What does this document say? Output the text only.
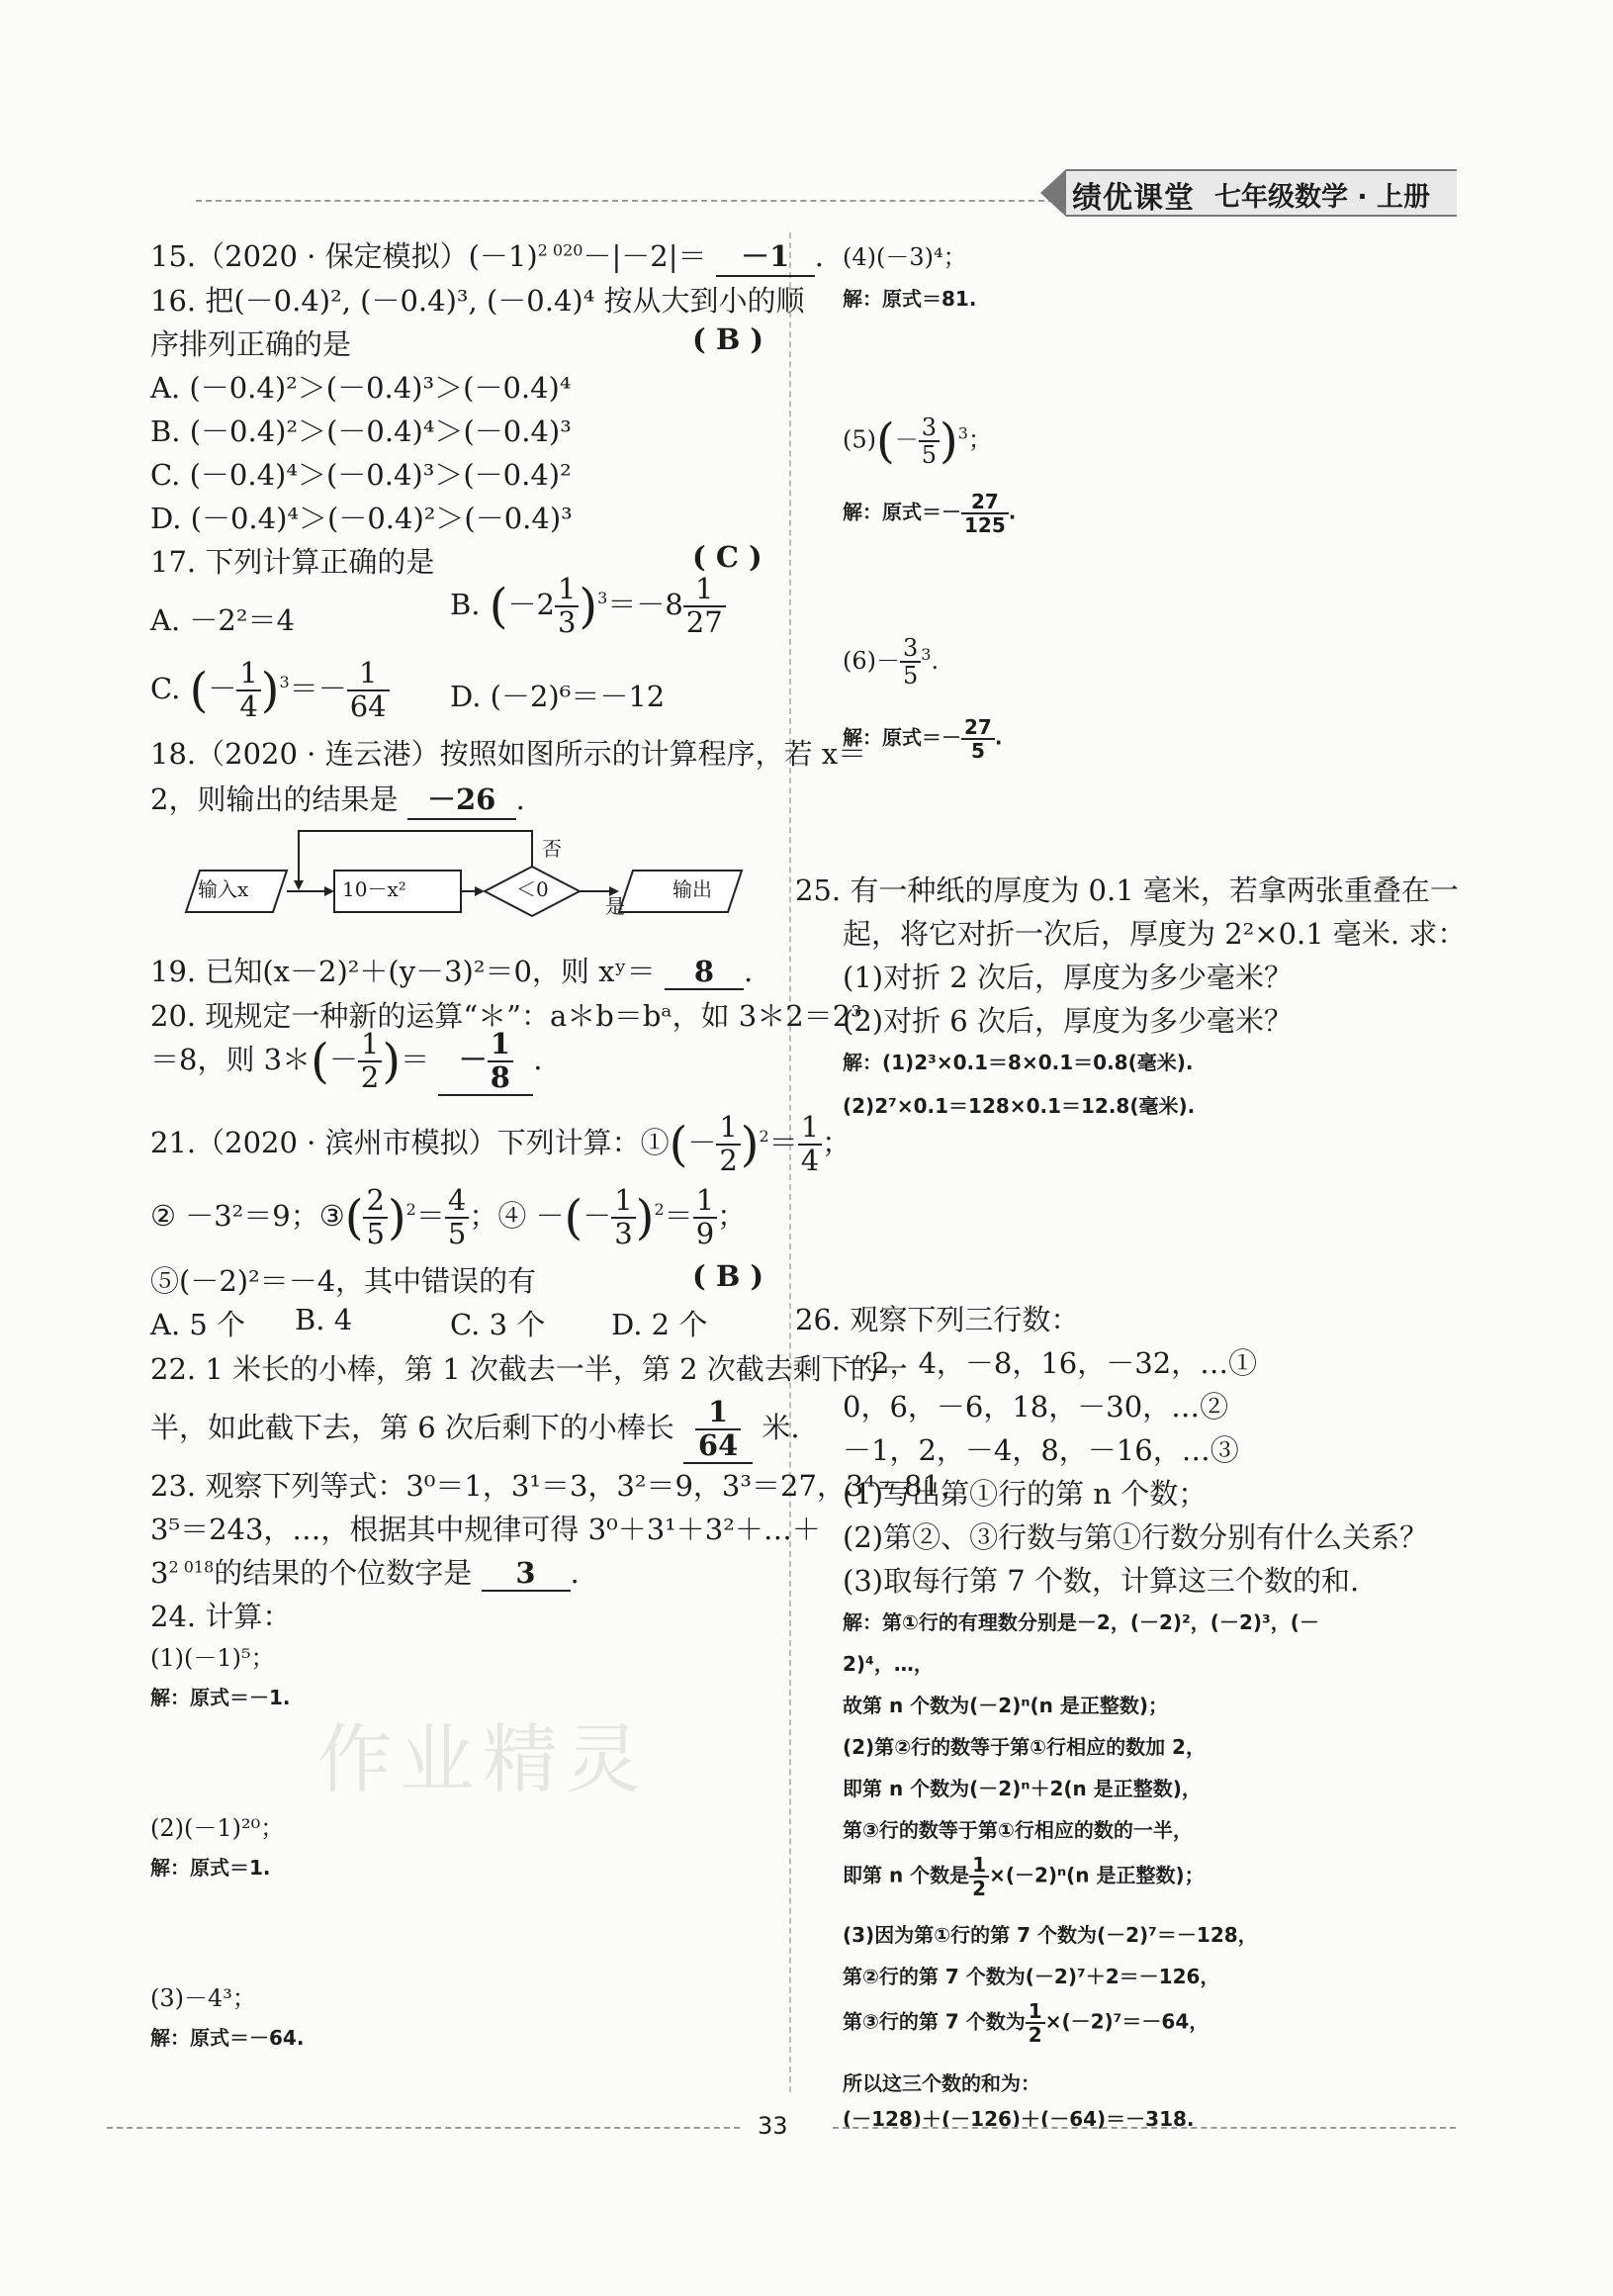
绩优课堂 七年级数学 · 上册
作业精灵
15.（2020 · 保定模拟）$(-1)^{2 020}-|-2|= -1$ .
16. 把(－0.4)², (－0.4)³, (－0.4)⁴ 按从大到小的顺
序排列正确的是	( B )
A. (－0.4)²＞(－0.4)³＞(－0.4)⁴
B. (－0.4)²＞(－0.4)⁴＞(－0.4)³
C. (－0.4)⁴＞(－0.4)³＞(－0.4)²
D. (－0.4)⁴＞(－0.4)²＞(－0.4)³
17. 下列计算正确的是	( C )
A. －2²＝4	B. $(-2 \frac{1}{3} )^3=-8 \frac{1}{27}$
C. (－ $\frac{1}{4} )^3=- \frac{1}{64} D$. (－2)⁶＝－12
18.（2020 · 连云港）按照如图所示的计算程序，若 x＝
2，则输出的结果是 －26 .
输入x	10－x²	＜0
是
否
输出
19. 已知(x－2)²＋(y－3)²＝0，则 xʸ＝ 8 .
20. 现规定一种新的运算“＊”：a＊b＝bᵃ，如 3＊2＝2³
＝8，则 3＊(－ $\frac{1}{2}$ )＝ － $\frac{1}{8}$ .
21.（2020 · 滨州市模拟）下列计算：①(－ $\frac{1}{2} )^2= \frac{1}{4}$ ；
② －3²＝9；③( $\frac{2}{5} )^2= \frac{4}{5}$ ；④ －(－ $\frac{1}{3} )^2= \frac{1}{9}$ ；
⑤(－2)²＝－4，其中错误的有	( B )
A. 5 个 B. 4	C. 3 个 D. 2 个
22. 1 米长的小棒，第 1 次截去一半，第 2 次截去剩下的一
半，如此截下去，第 6 次后剩下的小棒长 $\frac{1}{64}$ 米.
23. 观察下列等式：3⁰＝1，3¹＝3，3²＝9，3³＝27，3⁴＝81，
3⁵＝243，…，根据其中规律可得 3⁰＋3¹＋3²＋…＋
$3^{2 018}$的结果的个位数字是 3 .
24. 计算：
(1)(－1)⁵；
解：原式＝－1.
(2)(－1)²⁰；
解：原式＝1.
(3)－4³；
解：原式＝－64.
(4)(－3)⁴；
解：原式＝81.
$(5)(- \frac{3}{5} )^3$；
解：原式＝－ $\frac{27}{125}$ .
$(6)- \frac{3}{5} ^3$.
解：原式＝－ $\frac{27}{5}$ .
25. 有一种纸的厚度为 0.1 毫米，若拿两张重叠在一
起，将它对折一次后，厚度为 2²×0.1 毫米. 求：
(1)对折 2 次后，厚度为多少毫米？
(2)对折 6 次后，厚度为多少毫米？
解：(1)2³×0.1＝8×0.1＝0.8(毫米).
(2)2⁷×0.1＝128×0.1＝12.8(毫米).
26. 观察下列三行数：
－2，4，－8，16，－32，…①
0，6，－6，18，－30，…②
－1，2，－4，8，－16，…③
(1)写出第①行的第 n 个数；
(2)第②、③行数与第①行数分别有什么关系？
(3)取每行第 7 个数，计算这三个数的和.
解：第①行的有理数分别是－2，(－2)²，(－2)³，(－
2)⁴，…，
故第 n 个数为(－2)ⁿ(n 是正整数)；
(2)第②行的数等于第①行相应的数加 2，
即第 n 个数为(－2)ⁿ＋2(n 是正整数)，
第③行的数等于第①行相应的数的一半，
即第 n 个数是 $\frac{1}{2} \times(-2)^n(n$ 是正整数)；
(3)因为第①行的第 7 个数为(－2)⁷＝－128，
第②行的第 7 个数为(－2)⁷＋2＝－126，
第③行的第 7 个数为 $\frac{1}{2} \times(-2)^7=-64$，
所以这三个数的和为：
(－128)＋(－126)＋(－64)＝－318.
33
